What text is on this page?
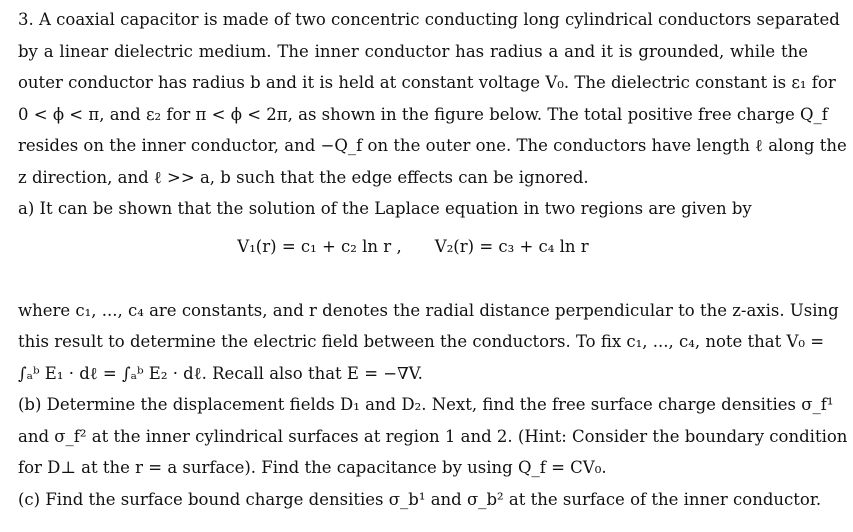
3. A coaxial capacitor is made of two concentric conducting long cylindrical conductors separated
by a linear dielectric medium. The inner conductor has radius a and it is grounded, while the
outer conductor has radius b and it is held at constant voltage V₀. The dielectric constant is ε₁ for
0 < ϕ < π, and ε₂ for π < ϕ < 2π, as shown in the figure below. The total positive free charge Q_f
resides on the inner conductor, and −Q_f on the outer one. The conductors have length ℓ along the
z direction, and ℓ >> a, b such that the edge effects can be ignored.
a) It can be shown that the solution of the Laplace equation in two regions are given by
V₁(r) = c₁ + c₂ ln r , V₂(r) = c₃ + c₄ ln r
where c₁, ..., c₄ are constants, and r denotes the radial distance perpendicular to the z-axis. Using
this result to determine the electric field between the conductors. To fix c₁, ..., c₄, note that V₀ =
∫ₐᵇ E₁ · dℓ = ∫ₐᵇ E₂ · dℓ. Recall also that E = −∇V.
(b) Determine the displacement fields D₁ and D₂. Next, find the free surface charge densities σ_f¹
and σ_f² at the inner cylindrical surfaces at region 1 and 2. (Hint: Consider the boundary condition
for D⊥ at the r = a surface). Find the capacitance by using Q_f = CV₀.
(c) Find the surface bound charge densities σ_b¹ and σ_b² at the surface of the inner conductor.
